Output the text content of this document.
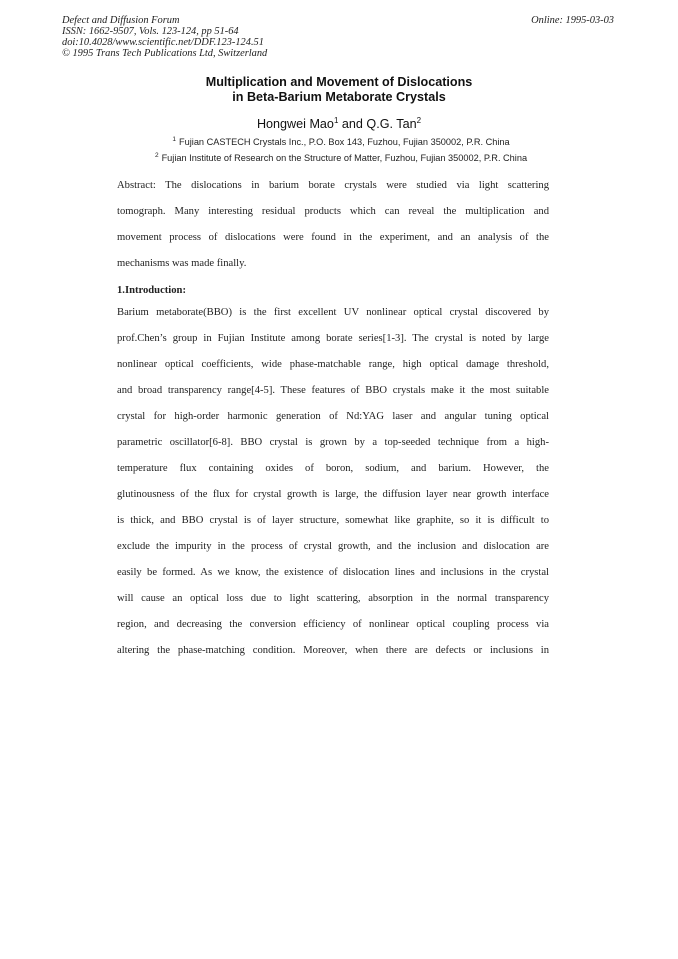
Defect and Diffusion Forum
ISSN: 1662-9507, Vols. 123-124, pp 51-64
doi:10.4028/www.scientific.net/DDF.123-124.51
© 1995 Trans Tech Publications Ltd, Switzerland
Online: 1995-03-03
Multiplication and Movement of Dislocations
in Beta-Barium Metaborate Crystals
Hongwei Mao$^1$ and Q.G. Tan$^2$
$^1$ Fujian CASTECH Crystals Inc., P.O. Box 143, Fuzhou, Fujian 350002, P.R. China
$^2$ Fujian Institute of Research on the Structure of Matter, Fuzhou, Fujian 350002, P.R. China
Abstract: The dislocations in barium borate crystals were studied via light scattering
tomograph. Many interesting residual products which can reveal the multiplication and
movement process of dislocations were found in the experiment, and an analysis of the
mechanisms was made finally.
1.Introduction:
Barium metaborate(BBO) is the first excellent UV nonlinear optical crystal discovered by
prof.Chen’s group in Fujian Institute among borate series[1-3]. The crystal is noted by large
nonlinear optical coefficients, wide phase-matchable range, high optical damage threshold,
and broad transparency range[4-5]. These features of BBO crystals make it the most suitable
crystal for high-order harmonic generation of Nd:YAG laser and angular tuning optical
parametric oscillator[6-8]. BBO crystal is grown by a top-seeded technique from a high-
temperature flux containing oxides of boron, sodium, and barium. However, the
glutinousness of the flux for crystal growth is large, the diffusion layer near growth interface
is thick, and BBO crystal is of layer structure, somewhat like graphite, so it is difficult to
exclude the impurity in the process of crystal growth, and the inclusion and dislocation are
easily be formed. As we know, the existence of dislocation lines and inclusions in the crystal
will cause an optical loss due to light scattering, absorption in the normal transparency
region, and decreasing the conversion efficiency of nonlinear optical coupling process via
altering the phase-matching condition. Moreover, when there are defects or inclusions in
